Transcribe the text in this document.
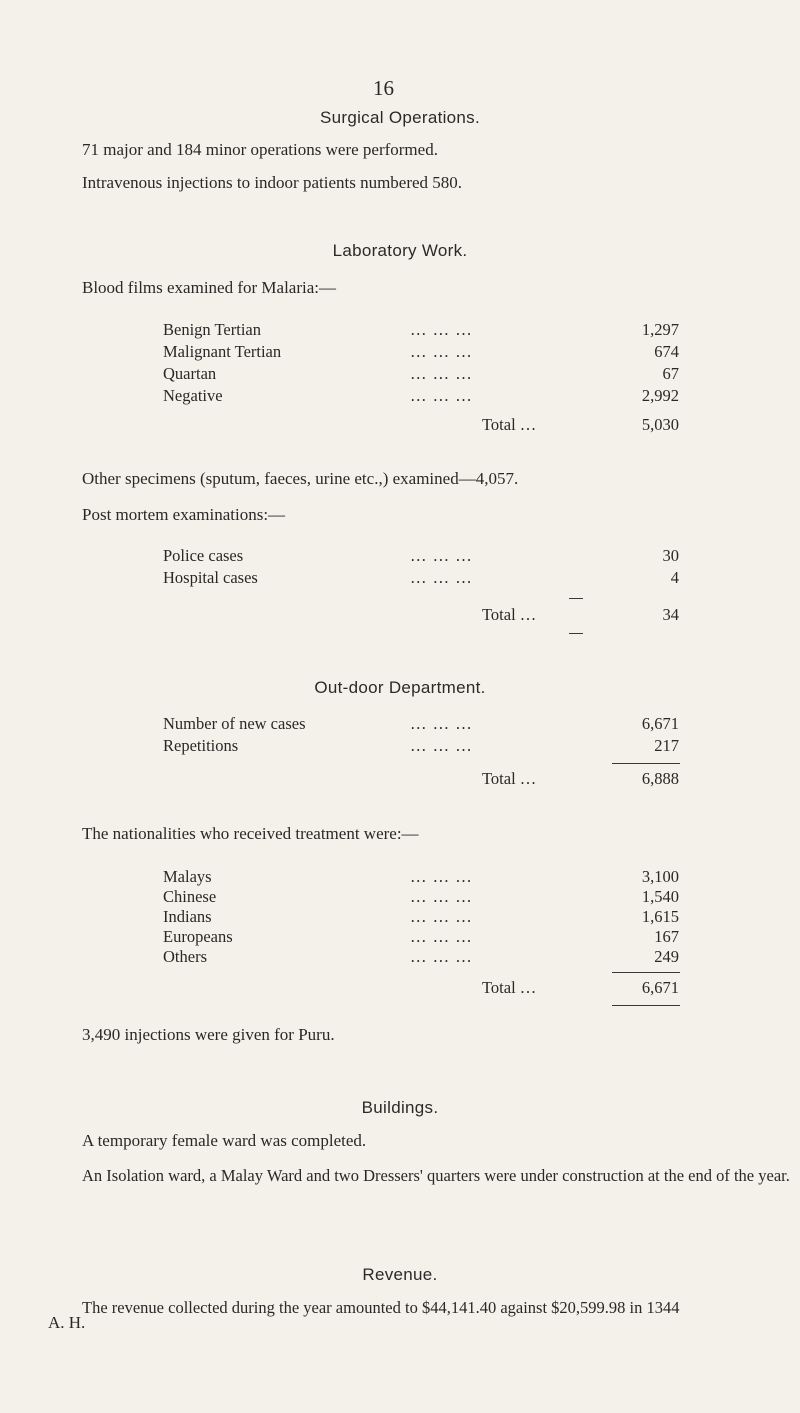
16
Surgical Operations.
71 major and 184 minor operations were performed.
Intravenous injections to indoor patients numbered 580.
Laboratory Work.
Blood films examined for Malaria:—
Benign Tertian	… … …	1,297
Malignant Tertian	… … …	674
Quartan	… … …	67
Negative	… … …	2,992
Total …	5,030
Other specimens (sputum, faeces, urine etc.,) examined—4,057.
Post mortem examinations:—
Police cases	… … …	30
Hospital cases	… … …	4
Total …	34
Out-door Department.
Number of new cases	… … …	6,671
Repetitions	… … …	217
Total …	6,888
The nationalities who received treatment were:—
Malays	… … …	3,100
Chinese	… … …	1,540
Indians	… … …	1,615
Europeans	… … …	167
Others	… … …	249
Total …	6,671
3,490 injections were given for Puru.
Buildings.
A temporary female ward was completed.
An Isolation ward, a Malay Ward and two Dressers' quarters were under construction at the end of the year.
Revenue.
The revenue collected during the year amounted to $44,141.40 against $20,599.98 in 1344
A. H.
